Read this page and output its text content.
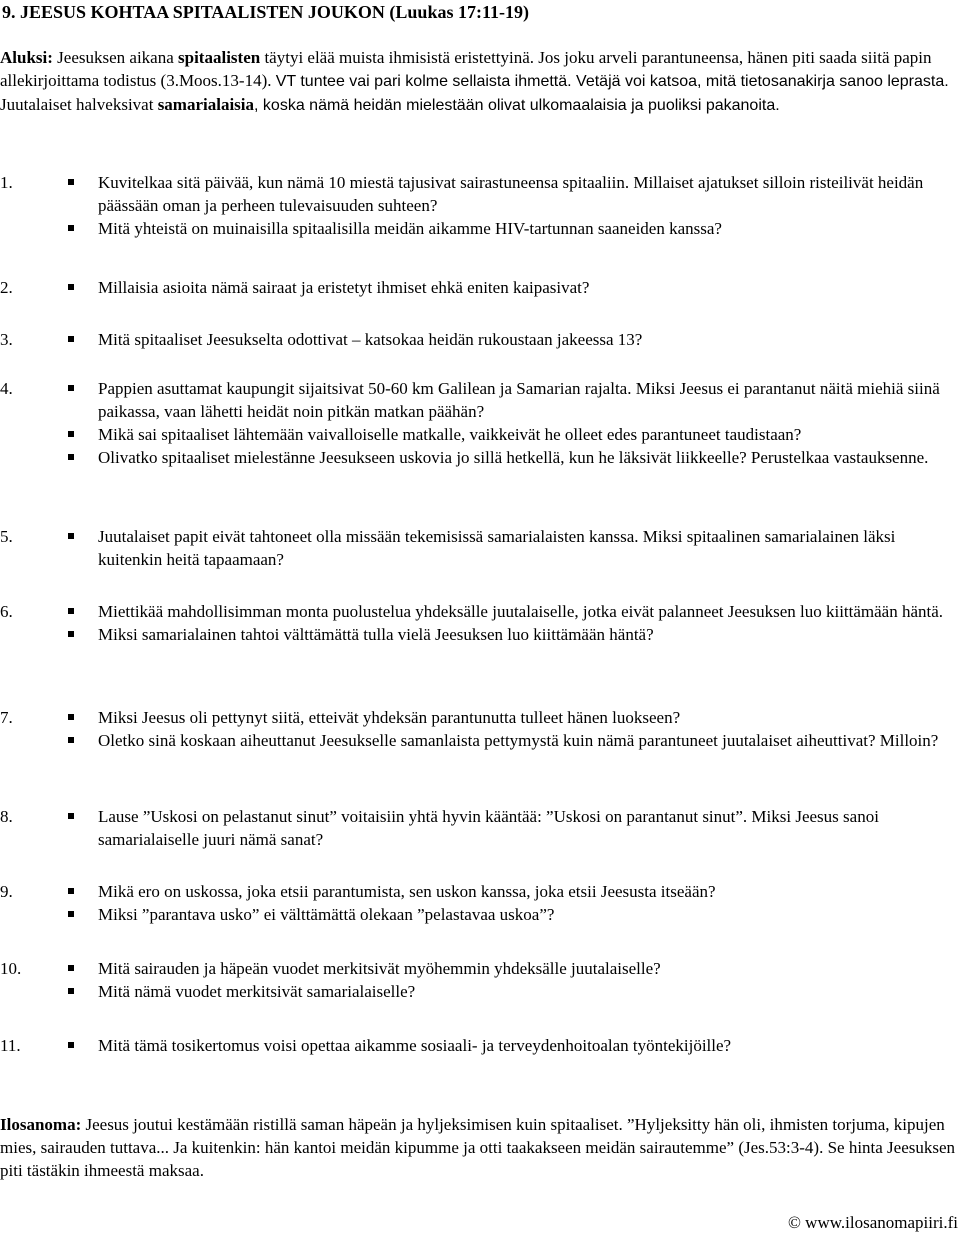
9. JEESUS KOHTAA SPITAALISTEN JOUKON (Luukas 17:11-19)

Aluksi: Jeesuksen aikana spitaalisten täytyi elää muista ihmisistä eristettyinä. Jos joku arveli parantuneensa, hänen piti saada siitä papin allekirjoittama todistus (3.Moos.13-14). VT tuntee vai pari kolme sellaista ihmettä. Vetäjä voi katsoa, mitä tietosanakirja sanoo leprasta. Juutalaiset halveksivat samarialaisia, koska nämä heidän mielestään olivat ulkomaalaisia ja puoliksi pakanoita.

1.	Kuvitelkaa sitä päivää, kun nämä 10 miestä tajusivat sairastuneensa spitaaliin. Millaiset ajatukset silloin risteilivät heidän päässään oman ja perheen tulevaisuuden suhteen?
Mitä yhteistä on muinaisilla spitaalisilla meidän aikamme HIV-tartunnan saaneiden kanssa?
2.	Millaisia asioita nämä sairaat ja eristetyt ihmiset ehkä eniten kaipasivat?
3.	Mitä spitaaliset Jeesukselta odottivat – katsokaa heidän rukoustaan jakeessa 13?
4.	Pappien asuttamat kaupungit sijaitsivat 50-60 km Galilean ja Samarian rajalta. Miksi Jeesus ei parantanut näitä miehiä siinä paikassa, vaan lähetti heidät noin pitkän matkan päähän?
Mikä sai spitaaliset lähtemään vaivalloiselle matkalle, vaikkeivät he olleet edes parantuneet taudistaan?
Olivatko spitaaliset mielestänne Jeesukseen uskovia jo sillä hetkellä, kun he läksivät liikkeelle? Perustelkaa vastauksenne.
5.	Juutalaiset papit eivät tahtoneet olla missään tekemisissä samarialaisten kanssa. Miksi spitaalinen samarialainen läksi kuitenkin heitä tapaamaan?
6.	Miettikää mahdollisimman monta puolustelua yhdeksälle juutalaiselle, jotka eivät palanneet Jeesuksen luo kiittämään häntä.
Miksi samarialainen tahtoi välttämättä tulla vielä Jeesuksen luo kiittämään häntä?
7.	Miksi Jeesus oli pettynyt siitä, etteivät yhdeksän parantunutta tulleet hänen luokseen?
Oletko sinä koskaan aiheuttanut Jeesukselle samanlaista pettymystä kuin nämä parantuneet juutalaiset aiheuttivat? Milloin?
8.	Lause ”Uskosi on pelastanut sinut” voitaisiin yhtä hyvin kääntää: ”Uskosi on parantanut sinut”. Miksi Jeesus sanoi samarialaiselle juuri nämä sanat?
9.	Mikä ero on uskossa, joka etsii parantumista, sen uskon kanssa, joka etsii Jeesusta itseään?
Miksi ”parantava usko” ei välttämättä olekaan ”pelastavaa uskoa”?
10.	Mitä sairauden ja häpeän vuodet merkitsivät myöhemmin yhdeksälle juutalaiselle?
Mitä nämä vuodet merkitsivät samarialaiselle?
11.	Mitä tämä tosikertomus voisi opettaa aikamme sosiaali- ja terveydenhoitoalan työntekijöille?

Ilosanoma: Jeesus joutui kestämään ristillä saman häpeän ja hyljeksimisen kuin spitaaliset. ”Hyljeksitty hän oli, ihmisten torjuma, kipujen mies, sairauden tuttava... Ja kuitenkin: hän kantoi meidän kipumme ja otti taakakseen meidän sairautemme” (Jes.53:3-4). Se hinta Jeesuksen piti tästäkin ihmeestä maksaa.

© www.ilosanomapiiri.fi
